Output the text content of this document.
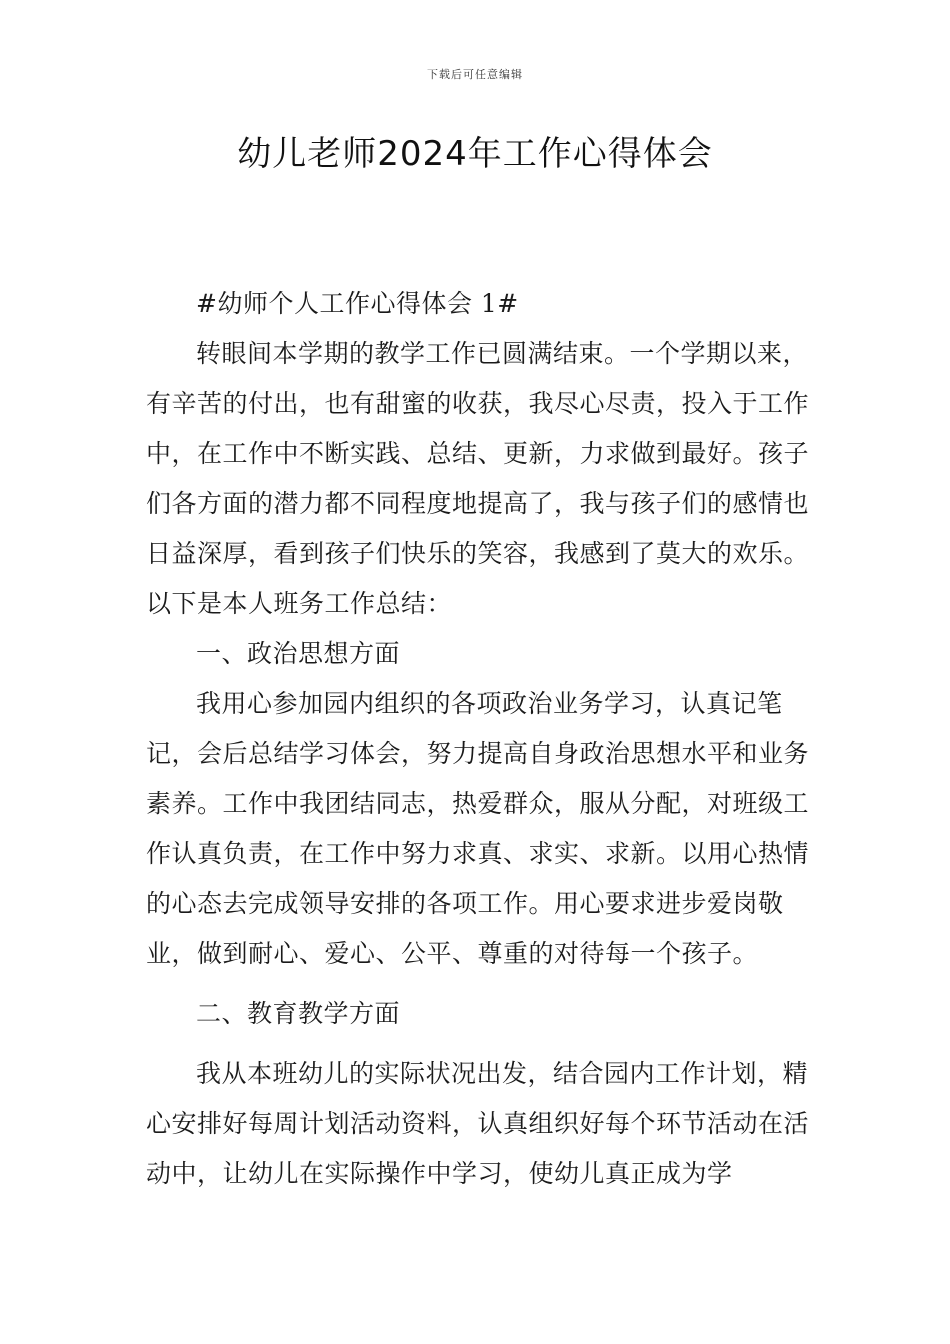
下载后可任意编辑
幼儿老师2024年工作心得体会

#幼师个人工作心得体会 1#

转眼间本学期的教学工作已圆满结束。一个学期以来，有辛苦的付出，也有甜蜜的收获，我尽心尽责，投入于工作中，在工作中不断实践、总结、更新，力求做到最好。孩子们各方面的潜力都不同程度地提高了，我与孩子们的感情也日益深厚，看到孩子们快乐的笑容，我感到了莫大的欢乐。以下是本人班务工作总结：

一、政治思想方面

我用心参加园内组织的各项政治业务学习，认真记笔记，会后总结学习体会，努力提高自身政治思想水平和业务素养。工作中我团结同志，热爱群众，服从分配，对班级工作认真负责，在工作中努力求真、求实、求新。以用心热情的心态去完成领导安排的各项工作。用心要求进步爱岗敬业，做到耐心、爱心、公平、尊重的对待每一个孩子。

二、教育教学方面

我从本班幼儿的实际状况出发，结合园内工作计划，精心安排好每周计划活动资料，认真组织好每个环节活动在活动中，让幼儿在实际操作中学习，使幼儿真正成为学
